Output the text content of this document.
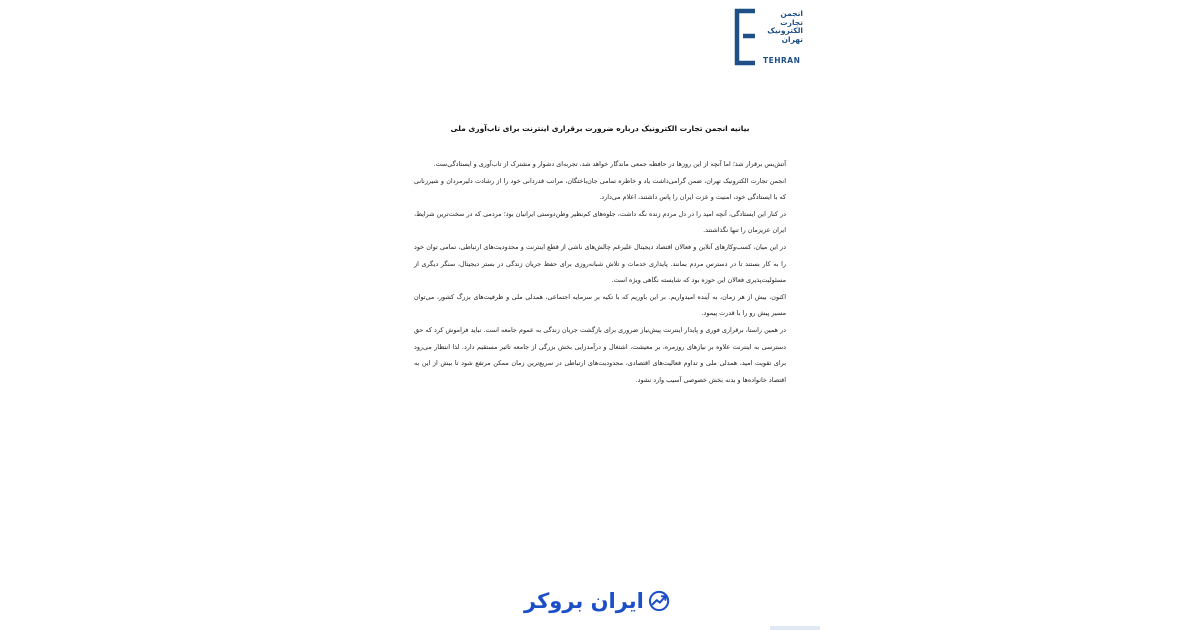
انجمن
تجارت
الکترونیک
تهران
TEHRAN
بیانیه انجمن تجارت الکترونیک درباره ضرورت برقراری اینترنت برای تاب‌آوری ملی

آتش‌بس برقرار شد؛ اما آنچه از این روزها در حافظه جمعی ماندگار خواهد شد، تجربه‌ای دشوار و مشترک از تاب‌آوری و ایستادگی‌ست.

انجمن تجارت الکترونیک تهران، ضمن گرامی‌داشت یاد و خاطره تمامی جان‌باختگان، مراتب قدردانی خود را از رشادت دلیرمردان و شیرزنانی که با ایستادگی خود، امنیت و عزت ایران را پاس داشتند، اعلام می‌دارد.

در کنار این ایستادگی، آنچه امید را در دل مردم زنده نگه داشت، جلوه‌های کم‌نظیر وطن‌دوستی ایرانیان بود؛ مردمی که در سخت‌ترین شرایط، ایران عزیزمان را تنها نگذاشتند.

در این میان، کسب‌وکارهای آنلاین و فعالان اقتصاد دیجیتال علیرغم چالش‌های ناشی از قطع اینترنت و محدودیت‌های ارتباطی، تمامی توان خود را به کار بستند تا در دسترس مردم بمانند. پایداری خدمات و تلاش شبانه‌روزی برای حفظ جریان زندگی در بستر دیجیتال، سنگر دیگری از مسئولیت‌پذیری فعالان این حوزه بود که شایسته نگاهی ویژه است.

اکنون، بیش از هر زمان، به آینده امیدواریم. بر این باوریم که با تکیه بر سرمایه اجتماعی، همدلی ملی و ظرفیت‌های بزرگ کشور، می‌توان مسیر پیش رو را با قدرت پیمود.

در همین راستا، برقراری فوری و پایدار اینترنت پیش‌نیاز ضروری برای بازگشت جریان زندگی به عموم جامعه است. نباید فراموش کرد که حق دسترسی به اینترنت علاوه بر نیازهای روزمره، بر معیشت، اشتغال و درآمدزایی بخش بزرگی از جامعه تاثیر مستقیم دارد. لذا انتظار می‌رود برای تقویت امید، همدلی ملی و تداوم فعالیت‌های اقتصادی، محدودیت‌های ارتباطی در سریع‌ترین زمان ممکن مرتفع شود تا بیش از این به اقتصاد خانواده‌ها و بدنه بخش خصوصی آسیب وارد نشود.

ایران بروکر
